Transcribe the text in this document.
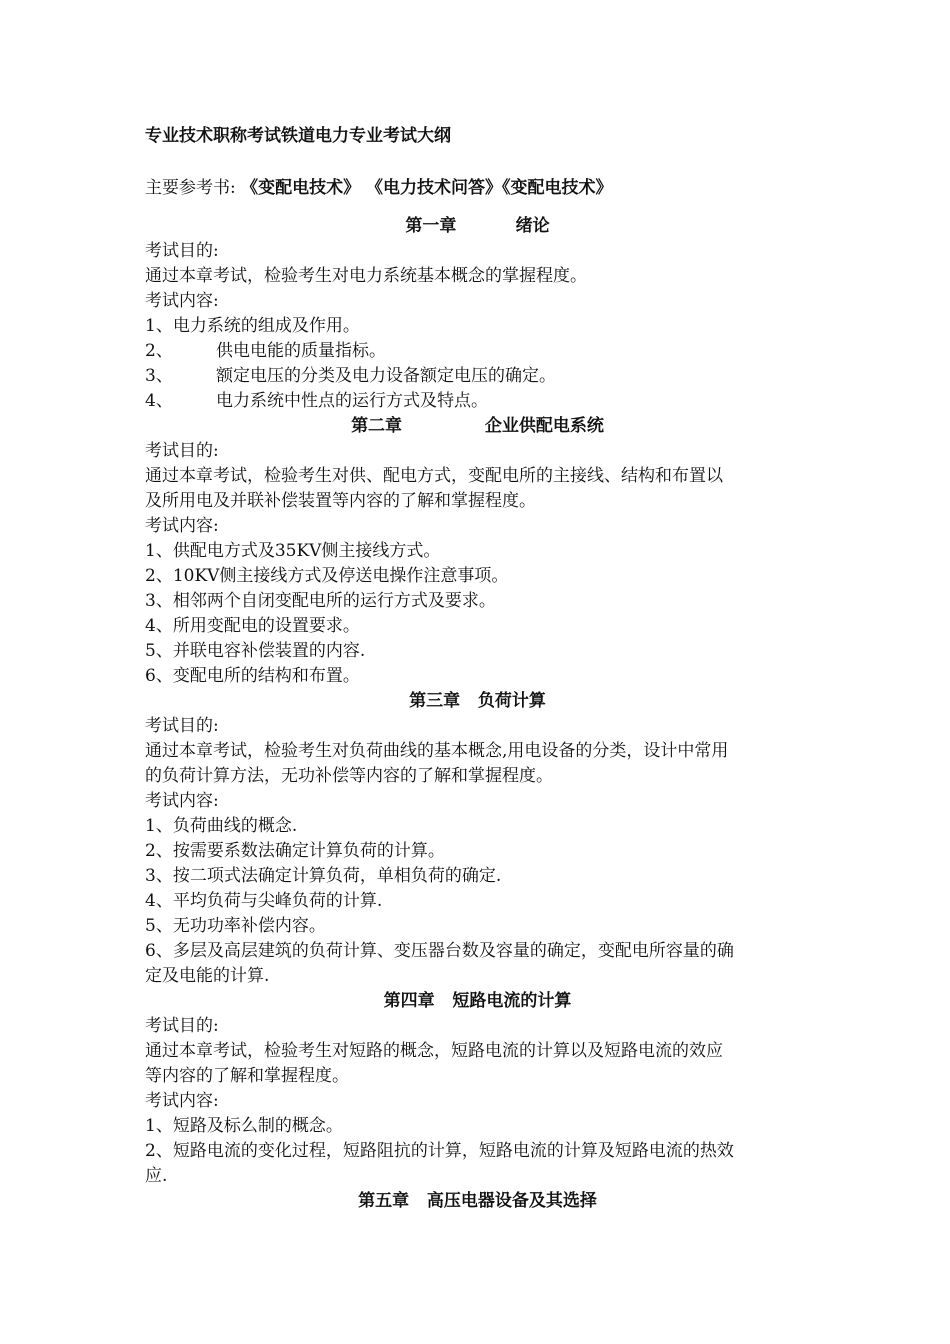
专业技术职称考试铁道电力专业考试大纲
主要参考书: 《变配电技术》 《电力技术问答》《变配电技术》
第一章          绪论
考试目的:
通过本章考试，检验考生对电力系统基本概念的掌握程度。
考试内容:
1、电力系统的组成及作用。
2、        供电电能的质量指标。
3、        额定电压的分类及电力设备额定电压的确定。
4、        电力系统中性点的运行方式及特点。
第二章              企业供配电系统
考试目的:
通过本章考试，检验考生对供、配电方式，变配电所的主接线、结构和布置以
及所用电及并联补偿装置等内容的了解和掌握程度。
考试内容:
1、供配电方式及35KV侧主接线方式。
2、10KV侧主接线方式及停送电操作注意事项。
3、相邻两个自闭变配电所的运行方式及要求。
4、所用变配电的设置要求。
5、并联电容补偿装置的内容.
6、变配电所的结构和布置。
第三章   负荷计算
考试目的:
通过本章考试，检验考生对负荷曲线的基本概念,用电设备的分类，设计中常用
的负荷计算方法，无功补偿等内容的了解和掌握程度。
考试内容:
1、负荷曲线的概念.
2、按需要系数法确定计算负荷的计算。
3、按二项式法确定计算负荷，单相负荷的确定.
4、平均负荷与尖峰负荷的计算.
5、无功功率补偿内容。
6、多层及高层建筑的负荷计算、变压器台数及容量的确定，变配电所容量的确
定及电能的计算.
第四章   短路电流的计算
考试目的:
通过本章考试，检验考生对短路的概念，短路电流的计算以及短路电流的效应
等内容的了解和掌握程度。
考试内容:
1、短路及标么制的概念。
2、短路电流的变化过程，短路阻抗的计算，短路电流的计算及短路电流的热效
应.
第五章   高压电器设备及其选择
